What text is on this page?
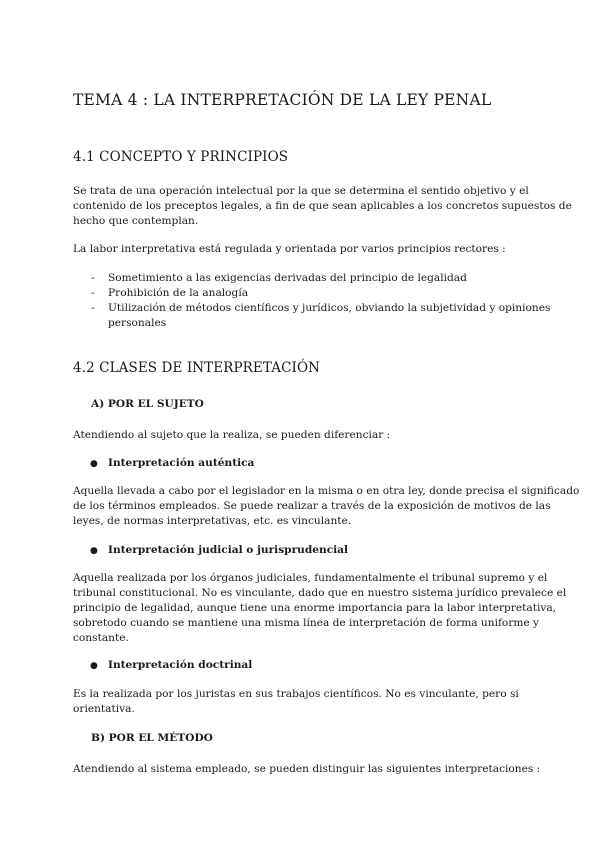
TEMA 4 : LA INTERPRETACIÓN DE LA LEY PENAL
4.1 CONCEPTO Y PRINCIPIOS
Se trata de una operación intelectual por la que se determina el sentido objetivo y el
contenido de los preceptos legales, a fin de que sean aplicables a los concretos supuestos de
hecho que contemplan.
La labor interpretativa está regulada y orientada por varios principios rectores :
- Sometimiento a las exigencias derivadas del principio de legalidad
- Prohibición de la analogía
- Utilización de métodos científicos y jurídicos, obviando la subjetividad y opiniones
personales
4.2 CLASES DE INTERPRETACIÓN
A) POR EL SUJETO
Atendiendo al sujeto que la realiza, se pueden diferenciar :
● Interpretación auténtica
Aquella llevada a cabo por el legislador en la misma o en otra ley, donde precisa el significado
de los términos empleados. Se puede realizar a través de la exposición de motivos de las
leyes, de normas interpretativas, etc. es vinculante.
● Interpretación judicial o jurisprudencial
Aquella realizada por los órganos judiciales, fundamentalmente el tribunal supremo y el
tribunal constitucional. No es vinculante, dado que en nuestro sistema jurídico prevalece el
principio de legalidad, aunque tiene una enorme importancia para la labor interpretativa,
sobretodo cuando se mantiene una misma línea de interpretación de forma uniforme y
constante.
● Interpretación doctrinal
Es la realizada por los juristas en sus trabajos científicos. No es vinculante, pero si
orientativa.
B) POR EL MÉTODO
Atendiendo al sistema empleado, se pueden distinguir las siguientes interpretaciones :
